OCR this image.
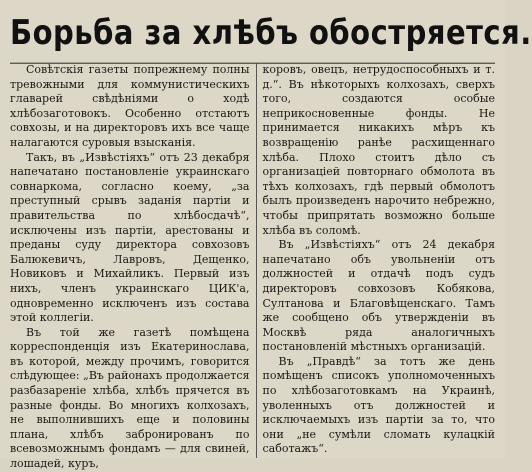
Борьба за хлѣбъ обостряется.

Совѣтскія газеты попрежнему полны тревожными для коммунистическихъ главарей свѣдѣніями о ходѣ хлѣбозаготовокъ. Особенно отстаютъ совхозы, и на директоровъ ихъ все чаще налагаются суровыя взысканія.

Такъ, въ „Извѣстіяхъ“ отъ 23 декабря напечатано постановленіе украинскаго совнаркома, согласно коему, „за преступный срывъ заданія партіи и правительства по хлѣбосдачѣ“, исключены изъ партіи, арестованы и преданы суду директора совхозовъ Балюкевичъ, Лавровъ, Дещенко, Новиковъ и Михайликъ. Первый изъ нихъ, членъ украинскаго ЦИК'а, одновременно исключенъ изъ состава этой коллегіи.

Въ той же газетѣ помѣщена корреспонденція изъ Екатеринослава, въ которой, между прочимъ, говорится слѣдующее: „Въ районахъ продолжается разбазареніе хлѣба, хлѣбъ прячется въ разные фонды. Во многихъ колхозахъ, не выполнившихъ еще и половины плана, хлѣбъ забронированъ по всевозможнымъ фондамъ — для свиней, лошадей, куръ,

коровъ, овецъ, нетрудоспособныхъ и т. д.“. Въ нѣкоторыхъ колхозахъ, сверхъ того, создаются особые неприкосновенные фонды. Не принимается никакихъ мѣръ къ возвращенію ранѣе расхищеннаго хлѣба. Плохо стоитъ дѣло съ организаціей повторнаго обмолота въ тѣхъ колхозахъ, гдѣ первый обмолотъ былъ произведенъ нарочито небрежно, чтобы припрятать возможно больше хлѣба въ соломѣ.

Въ „Извѣстіяхъ“ отъ 24 декабря напечатано объ увольненіи отъ должностей и отдачѣ подъ судъ директоровъ совхозовъ Кобякова, Султанова и Благовѣщенскаго. Тамъ же сообщено объ утвержденіи въ Москвѣ ряда аналогичныхъ постановленій мѣстныхъ организацій.

Въ „Правдѣ“ за тотъ же день помѣщенъ списокъ уполномоченныхъ по хлѣбозаготовкамъ на Украинѣ, уволенныхъ отъ должностей и исключаемыхъ изъ партіи за то, что они „не сумѣли сломать кулацкій саботажъ“.
